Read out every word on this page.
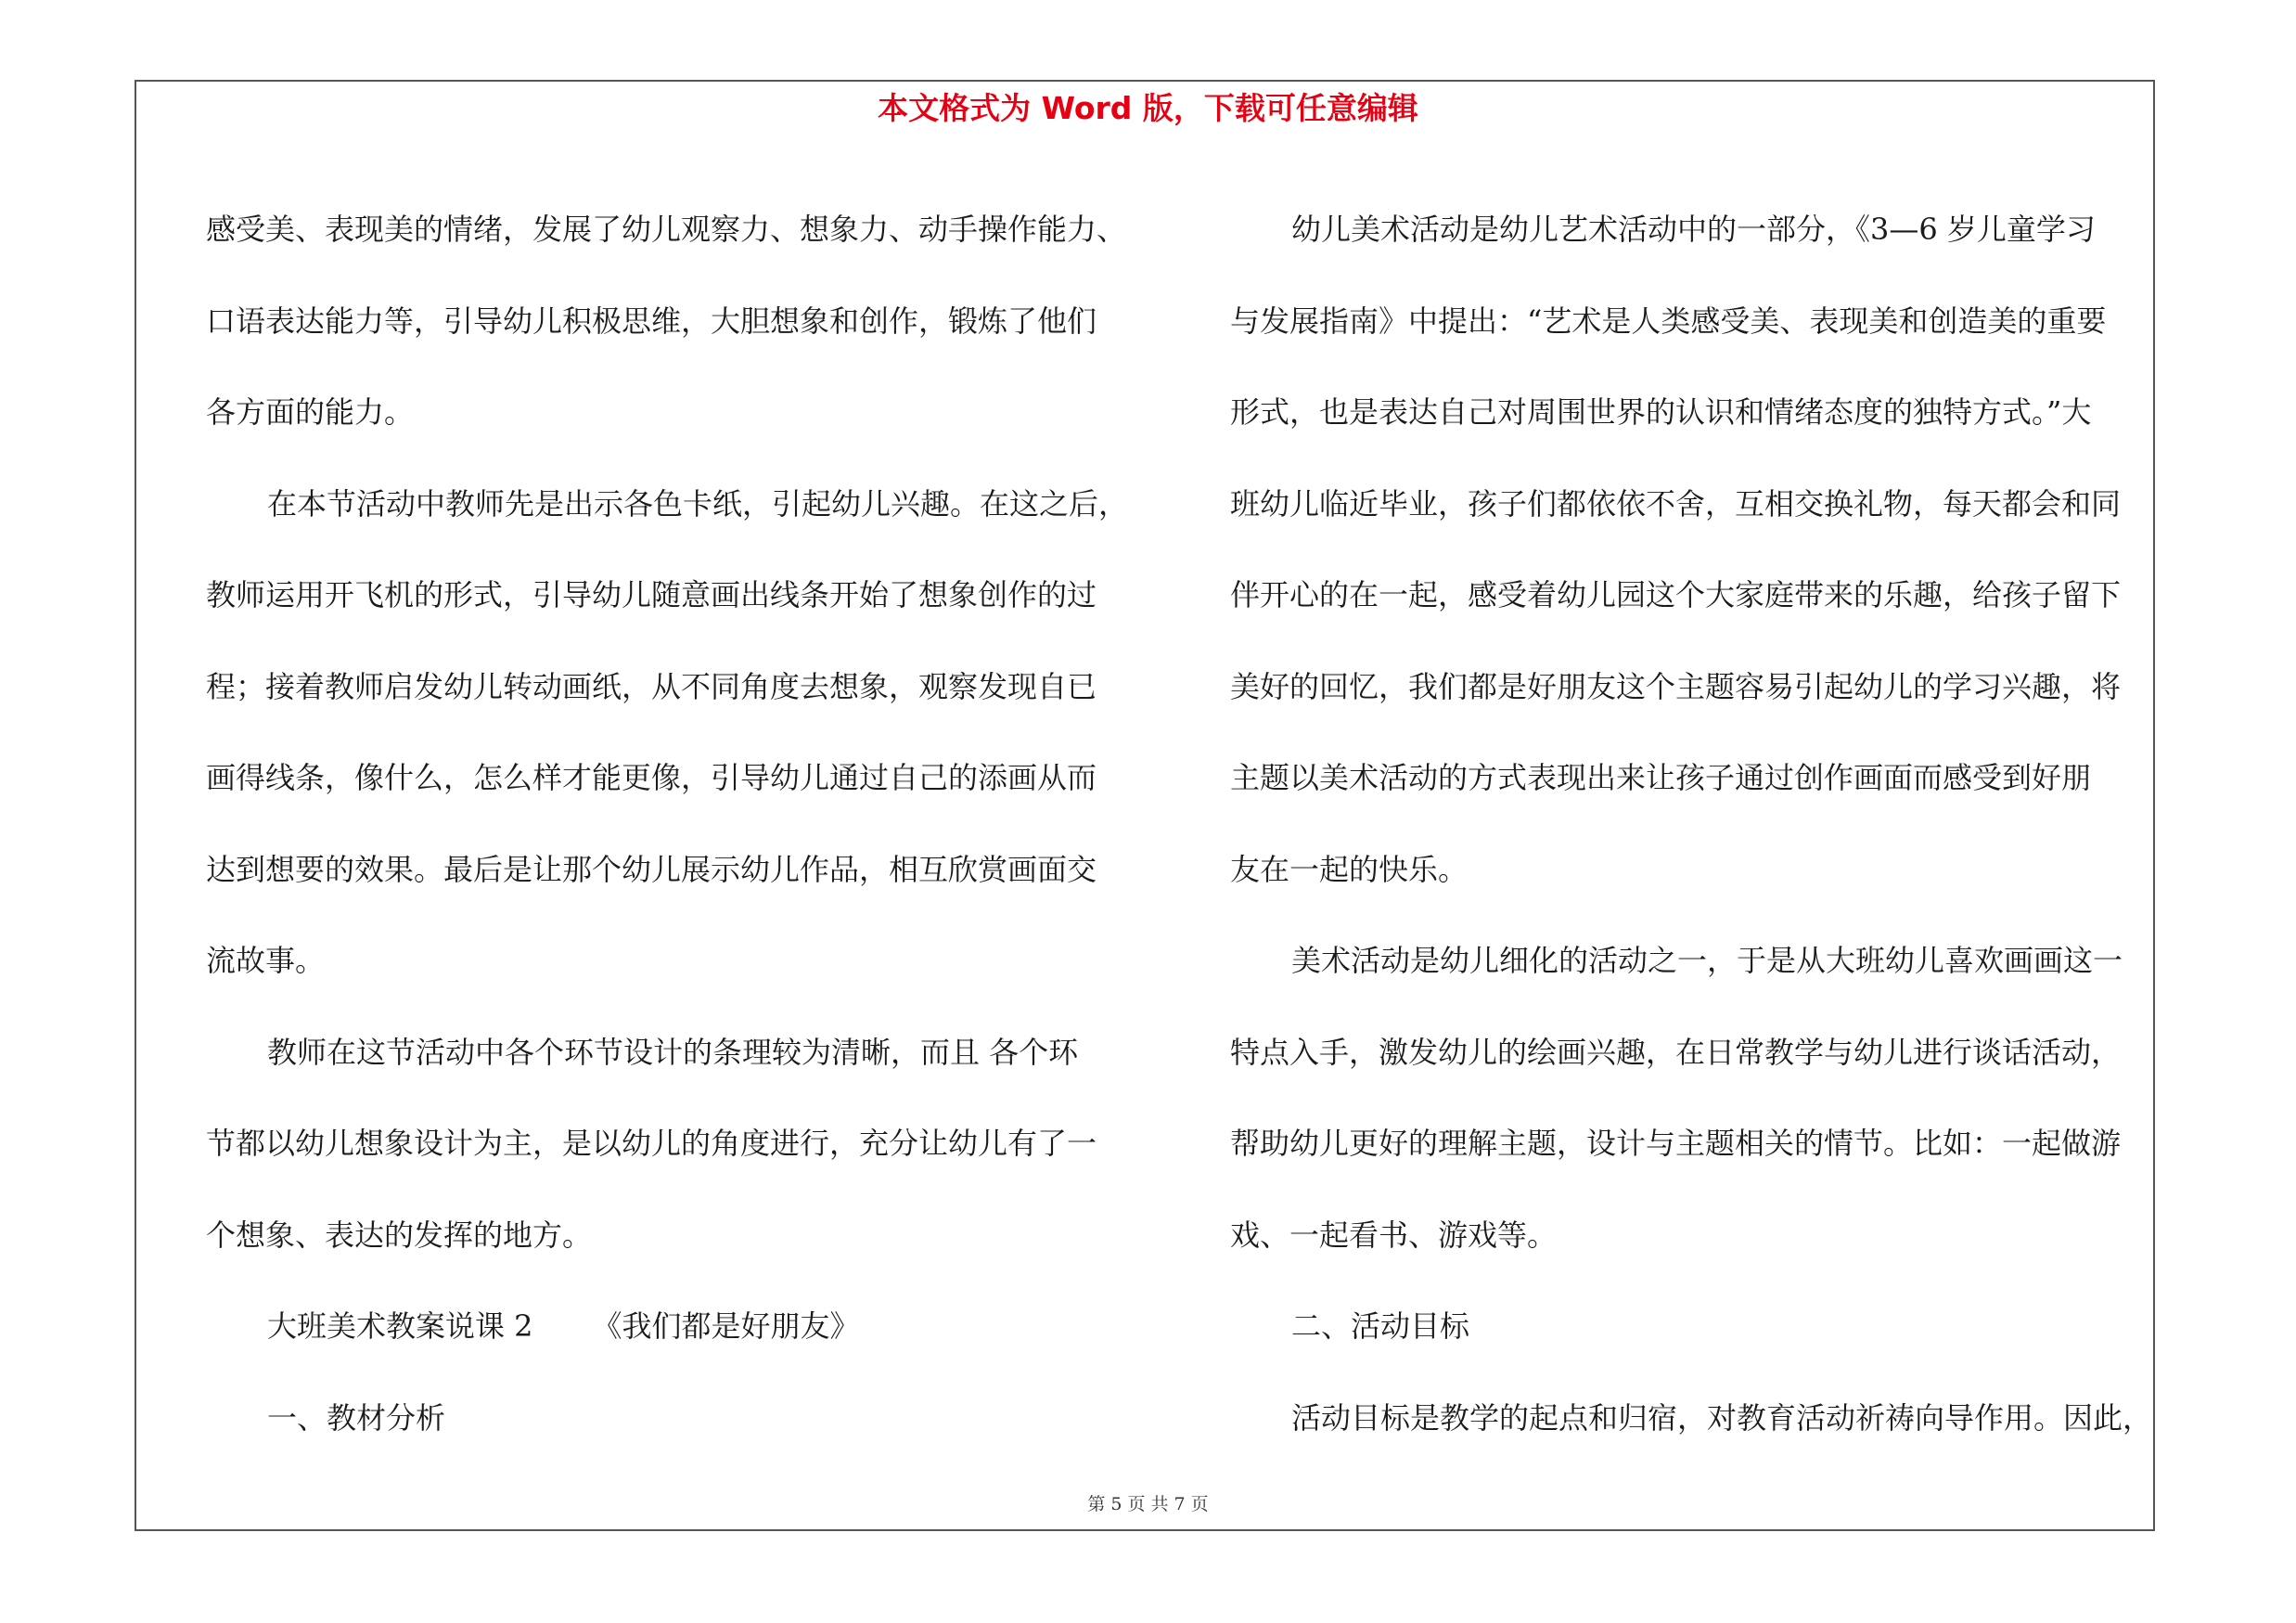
本文格式为 Word 版，下载可任意编辑
感受美、表现美的情绪，发展了幼儿观察力、想象力、动手操作能力、
口语表达能力等，引导幼儿积极思维，大胆想象和创作，锻炼了他们
各方面的能力。
在本节活动中教师先是出示各色卡纸，引起幼儿兴趣。在这之后，
教师运用开飞机的形式，引导幼儿随意画出线条开始了想象创作的过
程；接着教师启发幼儿转动画纸，从不同角度去想象，观察发现自已
画得线条，像什么，怎么样才能更像，引导幼儿通过自己的添画从而
达到想要的效果。最后是让那个幼儿展示幼儿作品，相互欣赏画面交
流故事。
教师在这节活动中各个环节设计的条理较为清晰，而且 各个环
节都以幼儿想象设计为主，是以幼儿的角度进行，充分让幼儿有了一
个想象、表达的发挥的地方。
大班美术教案说课 2 《我们都是好朋友》
一、教材分析
幼儿美术活动是幼儿艺术活动中的一部分，《3—6 岁儿童学习
与发展指南》中提出：“艺术是人类感受美、表现美和创造美的重要
形式，也是表达自己对周围世界的认识和情绪态度的独特方式。”大
班幼儿临近毕业，孩子们都依依不舍，互相交换礼物，每天都会和同
伴开心的在一起，感受着幼儿园这个大家庭带来的乐趣，给孩子留下
美好的回忆，我们都是好朋友这个主题容易引起幼儿的学习兴趣，将
主题以美术活动的方式表现出来让孩子通过创作画面而感受到好朋
友在一起的快乐。
美术活动是幼儿细化的活动之一，于是从大班幼儿喜欢画画这一
特点入手，激发幼儿的绘画兴趣，在日常教学与幼儿进行谈话活动，
帮助幼儿更好的理解主题，设计与主题相关的情节。比如：一起做游
戏、一起看书、游戏等。
二、活动目标
活动目标是教学的起点和归宿，对教育活动祈祷向导作用。因此，
第 5 页 共 7 页
